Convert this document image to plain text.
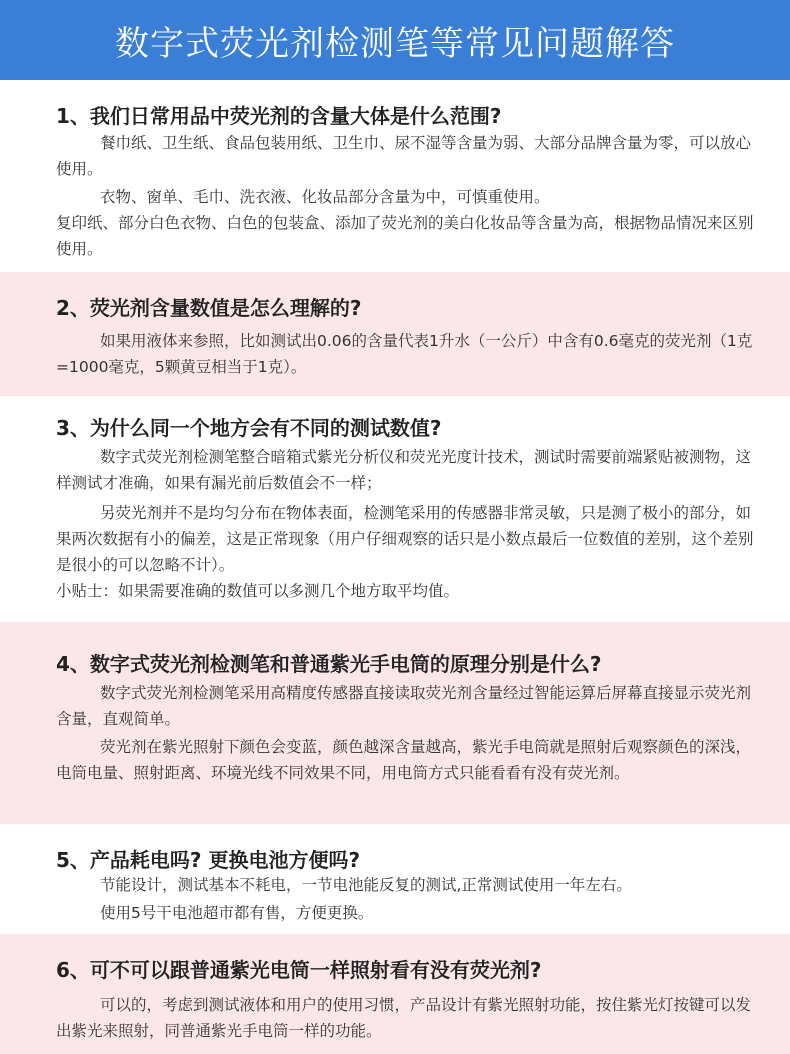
数字式荧光剂检测笔等常见问题解答
1、我们日常用品中荧光剂的含量大体是什么范围?

餐巾纸、卫生纸、食品包装用纸、卫生巾、尿不湿等含量为弱、大部分品牌含量为零，可以放心使用。

衣物、窗单、毛巾、洗衣液、化妆品部分含量为中，可慎重使用。

复印纸、部分白色衣物、白色的包装盒、添加了荧光剂的美白化妆品等含量为高，根据物品情况来区别使用。

2、荧光剂含量数值是怎么理解的?

如果用液体来参照，比如测试出0.06的含量代表1升水（一公斤）中含有0.6毫克的荧光剂（1克=1000毫克，5颗黄豆相当于1克）。

3、为什么同一个地方会有不同的测试数值?

数字式荧光剂检测笔整合暗箱式紫光分析仪和荧光光度计技术，测试时需要前端紧贴被测物，这样测试才准确，如果有漏光前后数值会不一样；

另荧光剂并不是均匀分布在物体表面，检测笔采用的传感器非常灵敏，只是测了极小的部分，如果两次数据有小的偏差，这是正常现象（用户仔细观察的话只是小数点最后一位数值的差别，这个差别是很小的可以忽略不计）。

小贴士：如果需要准确的数值可以多测几个地方取平均值。

4、数字式荧光剂检测笔和普通紫光手电筒的原理分别是什么?

数字式荧光剂检测笔采用高精度传感器直接读取荧光剂含量经过智能运算后屏幕直接显示荧光剂含量，直观简单。

荧光剂在紫光照射下颜色会变蓝，颜色越深含量越高，紫光手电筒就是照射后观察颜色的深浅，电筒电量、照射距离、环境光线不同效果不同，用电筒方式只能看看有没有荧光剂。

5、产品耗电吗? 更换电池方便吗?

节能设计，测试基本不耗电，一节电池能反复的测试,正常测试使用一年左右。

使用5号干电池超市都有售，方便更换。

6、可不可以跟普通紫光电筒一样照射看有没有荧光剂?

可以的，考虑到测试液体和用户的使用习惯，产品设计有紫光照射功能，按住紫光灯按键可以发出紫光来照射，同普通紫光手电筒一样的功能。
